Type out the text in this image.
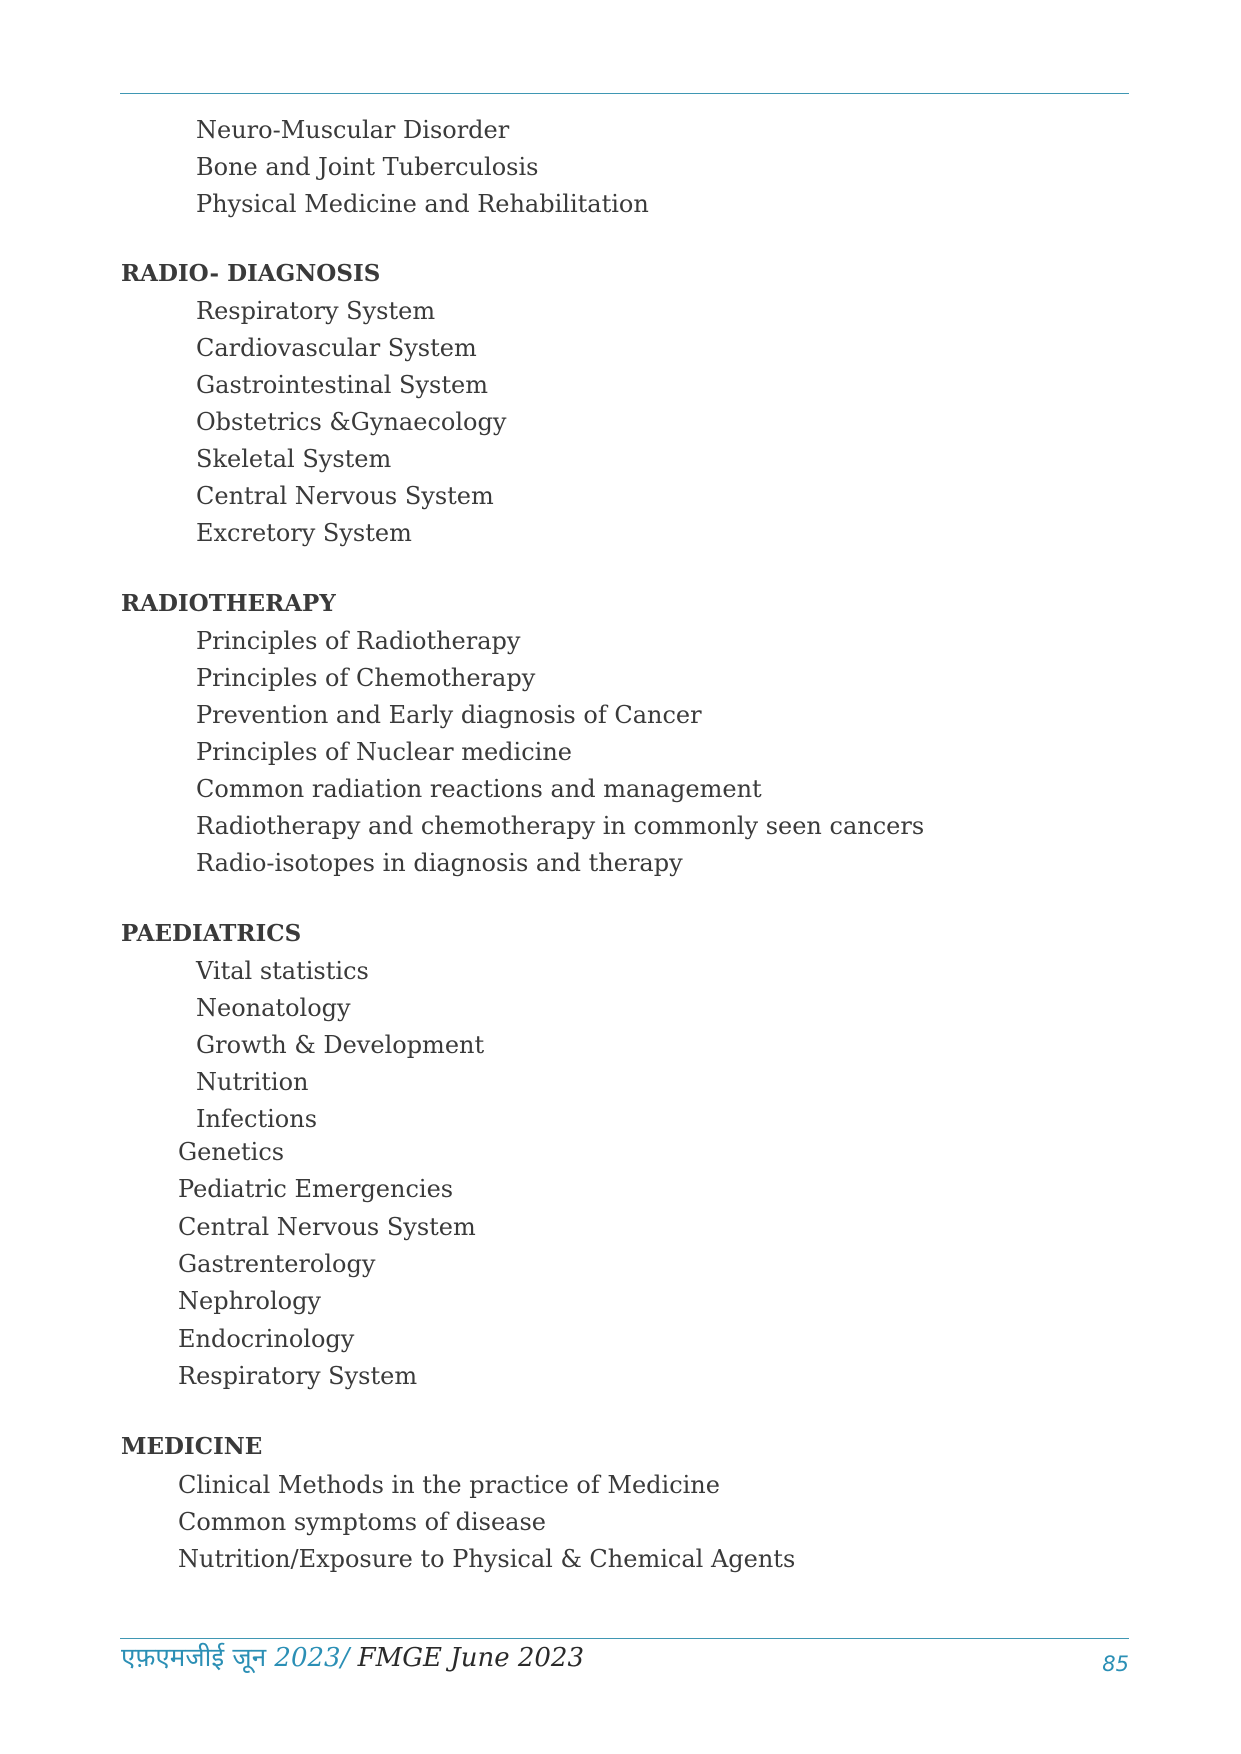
Neuro-Muscular Disorder
Bone and Joint Tuberculosis
Physical Medicine and Rehabilitation
RADIO- DIAGNOSIS
Respiratory System
Cardiovascular System
Gastrointestinal System
Obstetrics &Gynaecology
Skeletal System
Central Nervous System
Excretory System
RADIOTHERAPY
Principles of Radiotherapy
Principles of Chemotherapy
Prevention and Early diagnosis of Cancer
Principles of Nuclear medicine
Common radiation reactions and management
Radiotherapy and chemotherapy in commonly seen cancers
Radio-isotopes in diagnosis and therapy
PAEDIATRICS
Vital statistics
Neonatology
Growth & Development
Nutrition
Infections
Genetics
Pediatric Emergencies
Central Nervous System
Gastrenterology
Nephrology
Endocrinology
Respiratory System
MEDICINE
Clinical Methods in the practice of Medicine
Common symptoms of disease
Nutrition/Exposure to Physical & Chemical Agents
एफ़एमजीई जून 2023/ FMGE June 2023	85
